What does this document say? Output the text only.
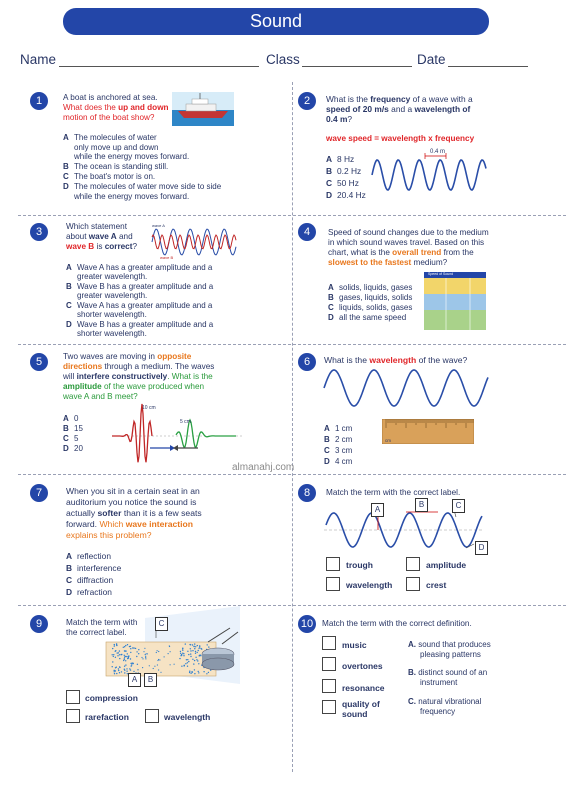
Sound
Name	Class	Date
1	A boat is anchored at sea.
What does the up and down
motion of the boat show?
A The molecules of water
only move up and down
while the energy moves forward.
B The ocean is standing still.
C The boat's motor is on.
D The molecules of water move side to side
while the energy moves forward.
2	What is the frequency of a wave with a
speed of 20 m/s and a wavelength of
0.4 m?
wave speed = wavelength x frequency
0.4 m
A 8 Hz
B 0.2 Hz
C 50 Hz
D 20.4 Hz
3	Which statement
about wave A and
wave B is correct?
wave A
wave B
A Wave A has a greater amplitude and a
greater wavelength.
B Wave B has a greater amplitude and a
greater wavelength.
C Wave A has a greater amplitude and a
shorter wavelength.
D Wave B has a greater amplitude and a
shorter wavelength.
4	Speed of sound changes due to the medium
in which sound waves travel. Based on this
chart, what is the overall trend from the
slowest to the fastest medium?
A solids, liquids, gases
B gases, liquids, solids
C liquids, solids, gases
D all the same speed
Speed of Sound
5	Two waves are moving in opposite
directions through a medium. The waves
will interfere constructively. What is the
amplitude of the wave produced when
wave A and B meet?
A 0
B 15
C 5
D 20
10 cm
5 cm
6	What is the wavelength of the wave?
cm
A 1 cm
B 2 cm
C 3 cm
D 4 cm
almanahj.com
7	When you sit in a certain seat in an
auditorium you notice the sound is
actually softer than it is a few seats
forward. Which wave interaction
explains this problem?
A reflection
B interference
C diffraction
D refraction
8	Match the term with the correct label.
A
B	C
D
trough	amplitude
wavelength	crest
9	Match the term with
the correct label.
C
A	B
compression
rarefaction	wavelength
10	Match the term with the correct definition.
music
overtones
resonance
quality of
sound
A. sound that produces
pleasing patterns
B. distinct sound of an
instrument
C. natural vibrational
frequency
